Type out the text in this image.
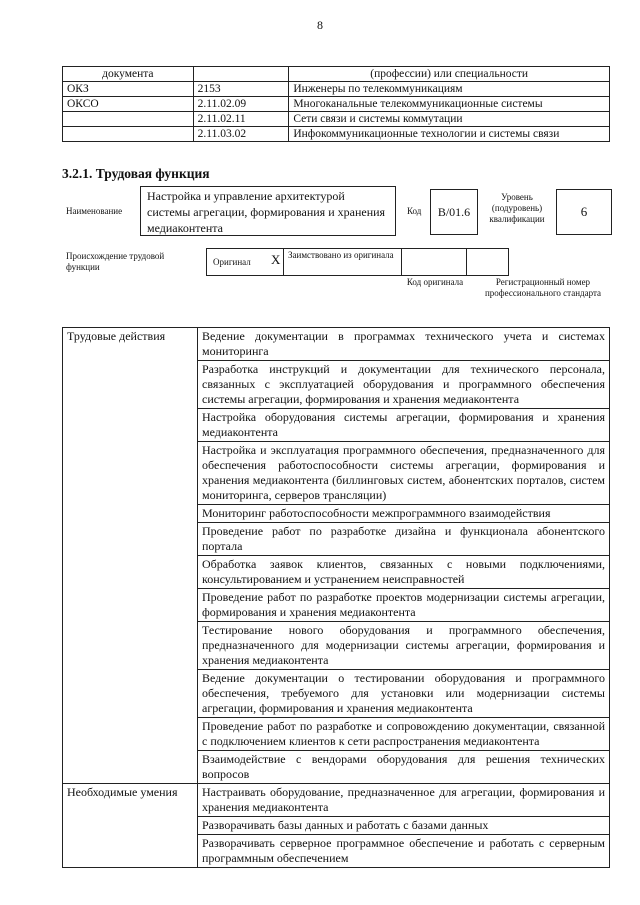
8
документа		(профессии) или специальности
ОКЗ	2153	Инженеры по телекоммуникациям
ОКСО	2.11.02.09	Многоканальные телекоммуникационные системы
	2.11.02.11	Сети связи и системы коммутации
	2.11.03.02	Инфокоммуникационные технологии и системы связи
3.2.1. Трудовая функция
Наименование
Настройка и управление архитектурой системы агрегации, формирования и хранения медиаконтента
Код	B/01.6
Уровень (подуровень) квалификации	6
Происхождение трудовой функции	Оригинал X Заимствовано из оригинала
Код оригинала	Регистрационный номер профессионального стандарта
Трудовые действия	Ведение документации в программах технического учета и системах мониторинга
	Разработка инструкций и документации для технического персонала, связанных с эксплуатацией оборудования и программного обеспечения системы агрегации, формирования и хранения медиаконтента
	Настройка оборудования системы агрегации, формирования и хранения медиаконтента
	Настройка и эксплуатация программного обеспечения, предназначенного для обеспечения работоспособности системы агрегации, формирования и хранения медиаконтента (биллинговых систем, абонентских порталов, систем мониторинга, серверов трансляции)
	Мониторинг работоспособности межпрограммного взаимодействия
	Проведение работ по разработке дизайна и функционала абонентского портала
	Обработка заявок клиентов, связанных с новыми подключениями, консультированием и устранением неисправностей
	Проведение работ по разработке проектов модернизации системы агрегации, формирования и хранения медиаконтента
	Тестирование нового оборудования и программного обеспечения, предназначенного для модернизации системы агрегации, формирования и хранения медиаконтента
	Ведение документации о тестировании оборудования и программного обеспечения, требуемого для установки или модернизации системы агрегации, формирования и хранения медиаконтента
	Проведение работ по разработке и сопровождению документации, связанной с подключением клиентов к сети распространения медиаконтента
	Взаимодействие с вендорами оборудования для решения технических вопросов
Необходимые умения	Настраивать оборудование, предназначенное для агрегации, формирования и хранения медиаконтента
	Разворачивать базы данных и работать с базами данных
	Разворачивать серверное программное обеспечение и работать с серверным программным обеспечением
